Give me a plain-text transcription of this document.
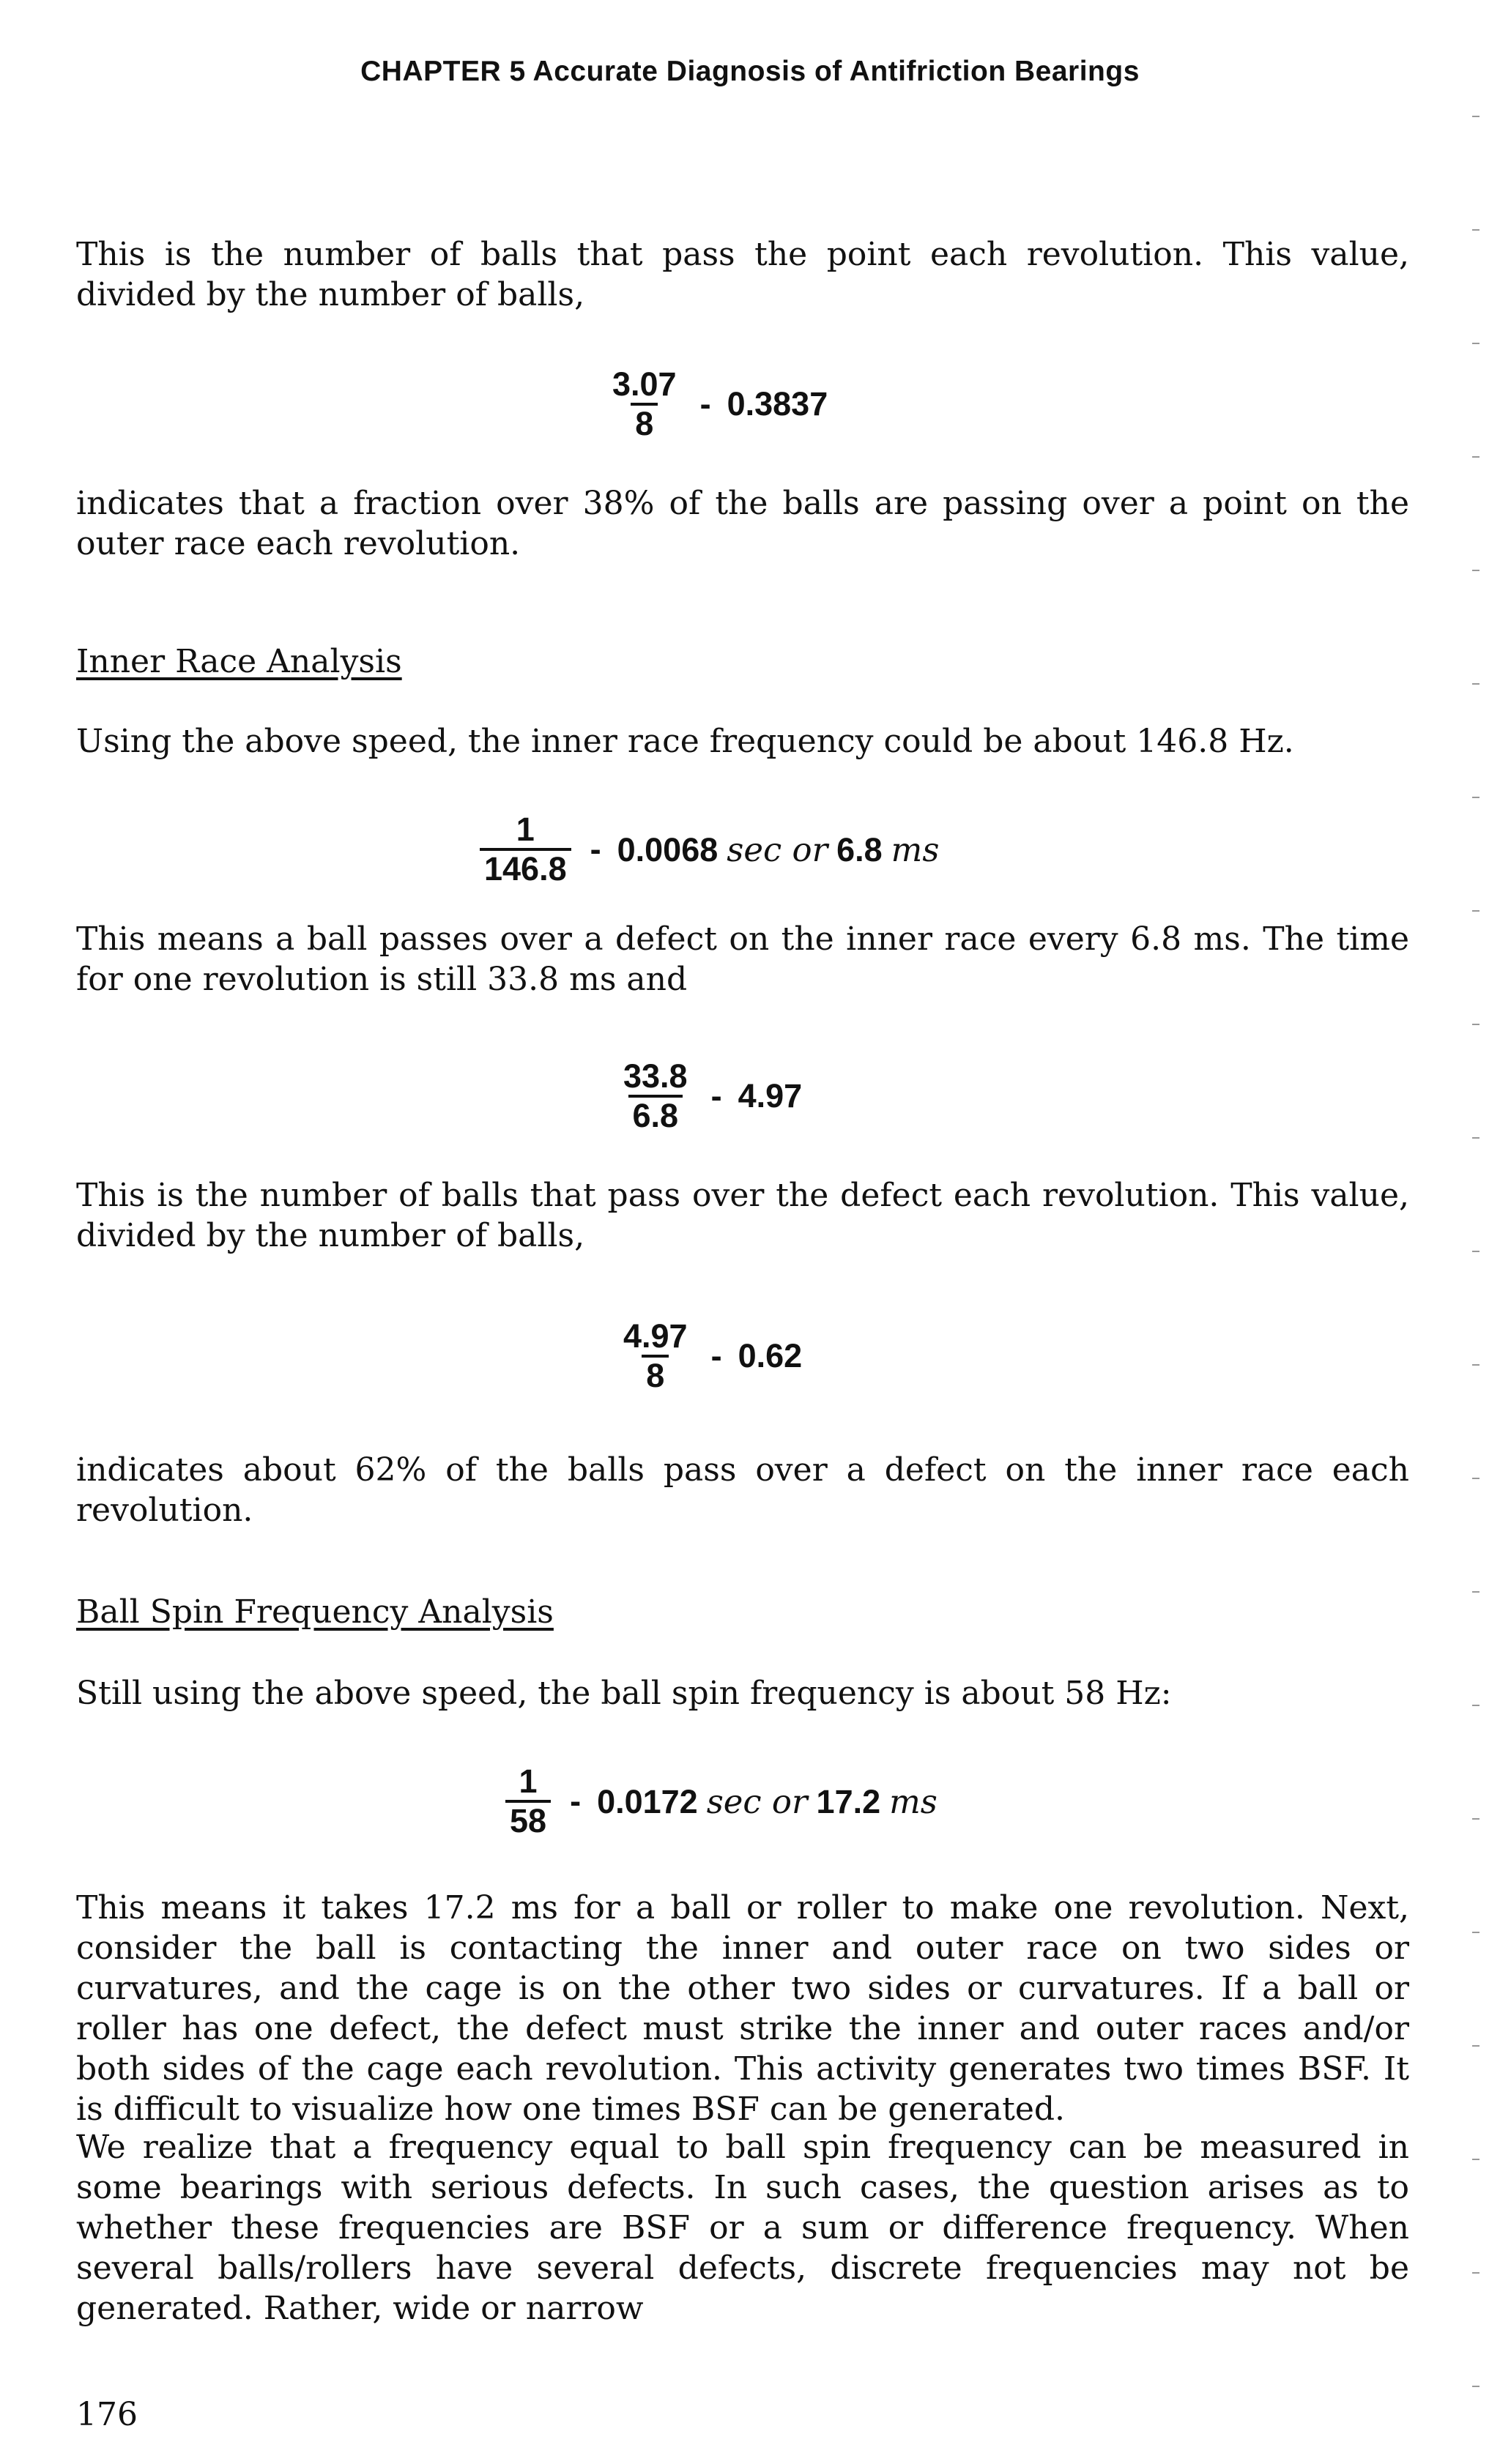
CHAPTER 5 Accurate Diagnosis of Antifriction Bearings

This is the number of balls that pass the point each revolution. This value, divided by the number of balls,

$\frac{3.07}{8} - 0.3837$

indicates that a fraction over 38% of the balls are passing over a point on the outer race each revolution.

Inner Race Analysis

Using the above speed, the inner race frequency could be about 146.8 Hz.

$\frac{1}{146.8} - 0.0068$ sec or 6.8 ms

This means a ball passes over a defect on the inner race every 6.8 ms. The time for one revolution is still 33.8 ms and

$\frac{33.8}{6.8} - 4.97$

This is the number of balls that pass over the defect each revolution. This value, divided by the number of balls,

$\frac{4.97}{8} - 0.62$

indicates about 62% of the balls pass over a defect on the inner race each revolution.

Ball Spin Frequency Analysis

Still using the above speed, the ball spin frequency is about 58 Hz:

$\frac{1}{58} - 0.0172$ sec or 17.2 ms

This means it takes 17.2 ms for a ball or roller to make one revolution. Next, consider the ball is contacting the inner and outer race on two sides or curvatures, and the cage is on the other two sides or curvatures. If a ball or roller has one defect, the defect must strike the inner and outer races and/or both sides of the cage each revolution. This activity generates two times BSF. It is difficult to visualize how one times BSF can be generated.

We realize that a frequency equal to ball spin frequency can be measured in some bearings with serious defects. In such cases, the question arises as to whether these frequencies are BSF or a sum or difference frequency. When several balls/rollers have several defects, discrete frequencies may not be generated. Rather, wide or narrow

176
